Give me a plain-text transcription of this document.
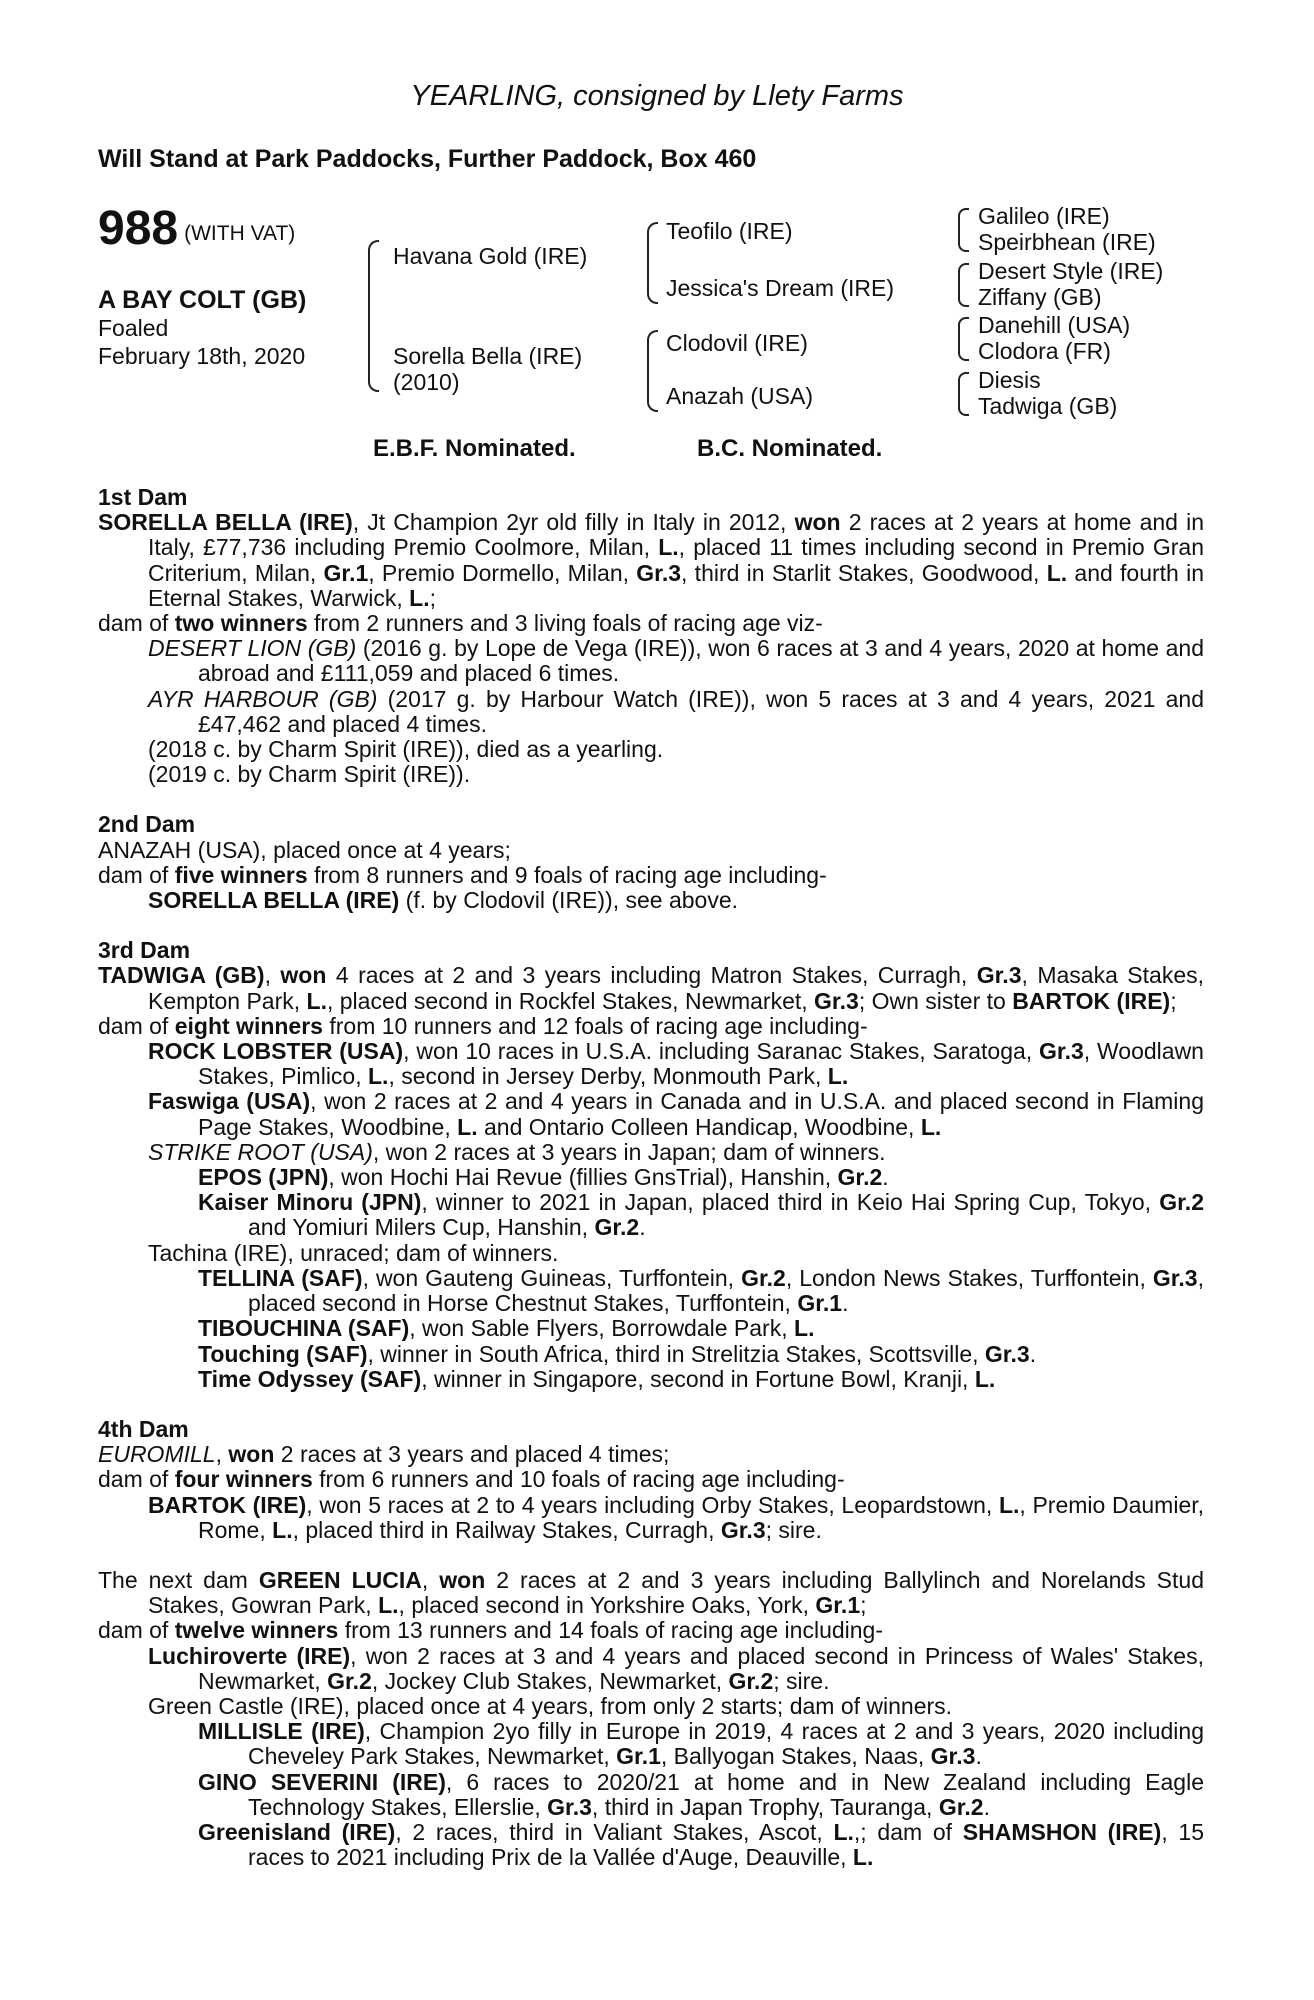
YEARLING, consigned by Llety Farms
Will Stand at Park Paddocks, Further Paddock, Box 460
988 (WITH VAT)
A BAY COLT (GB)
Foaled
February 18th, 2020
Havana Gold (IRE)
Sorella Bella (IRE)
(2010)
Teofilo (IRE)
Jessica's Dream (IRE)
Clodovil (IRE)
Anazah (USA)
Galileo (IRE)
Speirbhean (IRE)
Desert Style (IRE)
Ziffany (GB)
Danehill (USA)
Clodora (FR)
Diesis
Tadwiga (GB)
E.B.F. Nominated.	B.C. Nominated.

1st Dam

SORELLA BELLA (IRE), Jt Champion 2yr old filly in Italy in 2012, won 2 races at 2 years at home and in Italy, £77,736 including Premio Coolmore, Milan, L., placed 11 times including second in Premio Gran Criterium, Milan, Gr.1, Premio Dormello, Milan, Gr.3, third in Starlit Stakes, Goodwood, L. and fourth in Eternal Stakes, Warwick, L.;

dam of two winners from 2 runners and 3 living foals of racing age viz-

DESERT LION (GB) (2016 g. by Lope de Vega (IRE)), won 6 races at 3 and 4 years, 2020 at home and abroad and £111,059 and placed 6 times.

AYR HARBOUR (GB) (2017 g. by Harbour Watch (IRE)), won 5 races at 3 and 4 years, 2021 and £47,462 and placed 4 times.

(2018 c. by Charm Spirit (IRE)), died as a yearling.

(2019 c. by Charm Spirit (IRE)).

2nd Dam

ANAZAH (USA), placed once at 4 years;

dam of five winners from 8 runners and 9 foals of racing age including-

SORELLA BELLA (IRE) (f. by Clodovil (IRE)), see above.

3rd Dam

TADWIGA (GB), won 4 races at 2 and 3 years including Matron Stakes, Curragh, Gr.3, Masaka Stakes, Kempton Park, L., placed second in Rockfel Stakes, Newmarket, Gr.3; Own sister to BARTOK (IRE);

dam of eight winners from 10 runners and 12 foals of racing age including-

ROCK LOBSTER (USA), won 10 races in U.S.A. including Saranac Stakes, Saratoga, Gr.3, Woodlawn Stakes, Pimlico, L., second in Jersey Derby, Monmouth Park, L.

Faswiga (USA), won 2 races at 2 and 4 years in Canada and in U.S.A. and placed second in Flaming Page Stakes, Woodbine, L. and Ontario Colleen Handicap, Woodbine, L.

STRIKE ROOT (USA), won 2 races at 3 years in Japan; dam of winners.

EPOS (JPN), won Hochi Hai Revue (fillies GnsTrial), Hanshin, Gr.2.

Kaiser Minoru (JPN), winner to 2021 in Japan, placed third in Keio Hai Spring Cup, Tokyo, Gr.2 and Yomiuri Milers Cup, Hanshin, Gr.2.

Tachina (IRE), unraced; dam of winners.

TELLINA (SAF), won Gauteng Guineas, Turffontein, Gr.2, London News Stakes, Turffontein, Gr.3, placed second in Horse Chestnut Stakes, Turffontein, Gr.1.

TIBOUCHINA (SAF), won Sable Flyers, Borrowdale Park, L.

Touching (SAF), winner in South Africa, third in Strelitzia Stakes, Scottsville, Gr.3.

Time Odyssey (SAF), winner in Singapore, second in Fortune Bowl, Kranji, L.

4th Dam

EUROMILL, won 2 races at 3 years and placed 4 times;

dam of four winners from 6 runners and 10 foals of racing age including-

BARTOK (IRE), won 5 races at 2 to 4 years including Orby Stakes, Leopardstown, L., Premio Daumier, Rome, L., placed third in Railway Stakes, Curragh, Gr.3; sire.

The next dam GREEN LUCIA, won 2 races at 2 and 3 years including Ballylinch and Norelands Stud Stakes, Gowran Park, L., placed second in Yorkshire Oaks, York, Gr.1;

dam of twelve winners from 13 runners and 14 foals of racing age including-

Luchiroverte (IRE), won 2 races at 3 and 4 years and placed second in Princess of Wales' Stakes, Newmarket, Gr.2, Jockey Club Stakes, Newmarket, Gr.2; sire.

Green Castle (IRE), placed once at 4 years, from only 2 starts; dam of winners.

MILLISLE (IRE), Champion 2yo filly in Europe in 2019, 4 races at 2 and 3 years, 2020 including Cheveley Park Stakes, Newmarket, Gr.1, Ballyogan Stakes, Naas, Gr.3.

GINO SEVERINI (IRE), 6 races to 2020/21 at home and in New Zealand including Eagle Technology Stakes, Ellerslie, Gr.3, third in Japan Trophy, Tauranga, Gr.2.

Greenisland (IRE), 2 races, third in Valiant Stakes, Ascot, L.,; dam of SHAMSHON (IRE), 15 races to 2021 including Prix de la Vallée d'Auge, Deauville, L.
